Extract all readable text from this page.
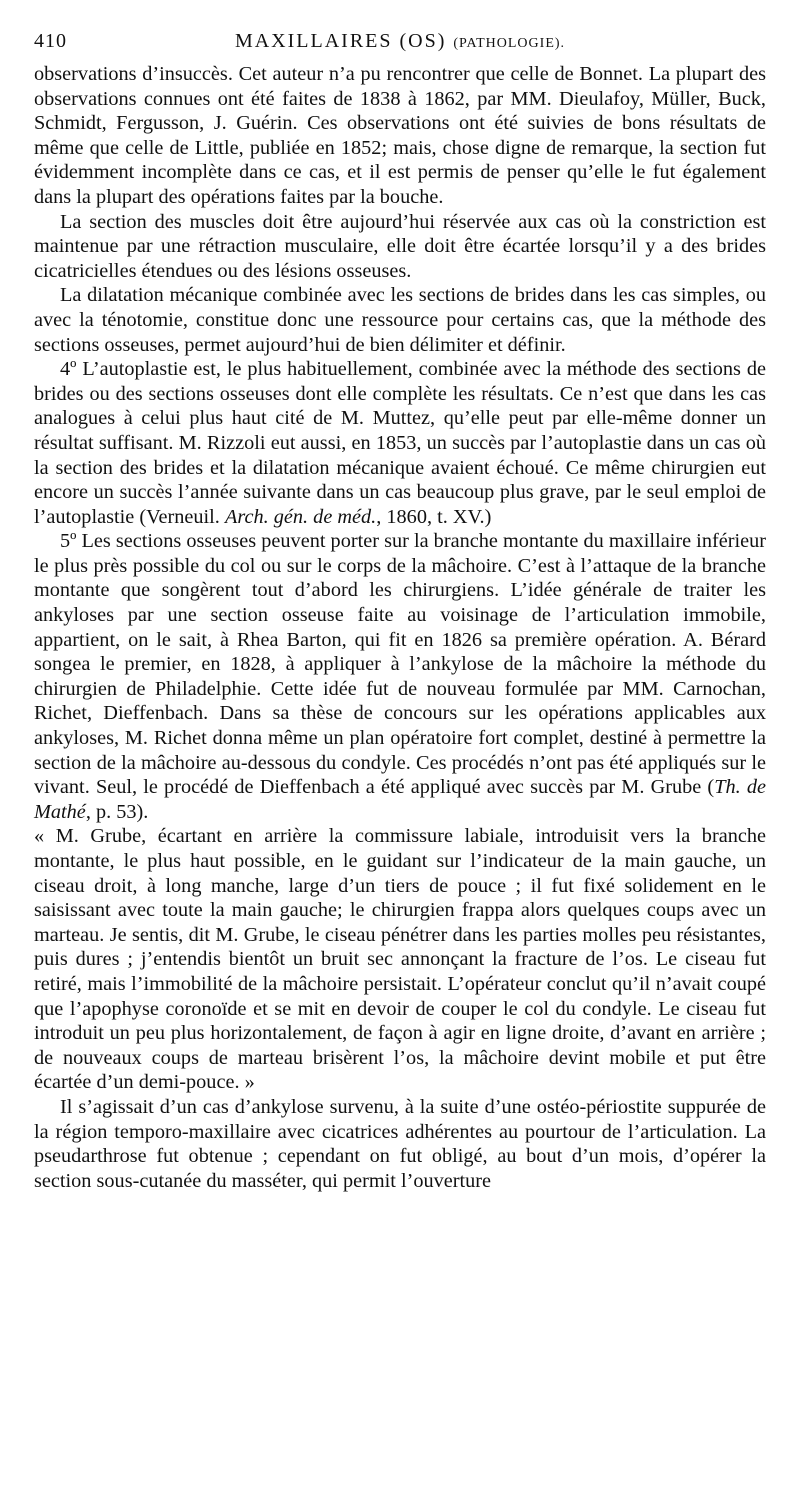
410	MAXILLAIRES (OS) (PATHOLOGIE).

observations d’insuccès. Cet auteur n’a pu rencontrer que celle de Bonnet. La plupart des observations connues ont été faites de 1838 à 1862, par MM. Dieulafoy, Müller, Buck, Schmidt, Fergusson, J. Guérin. Ces observations ont été suivies de bons résultats de même que celle de Little, publiée en 1852; mais, chose digne de remarque, la section fut évidemment incomplète dans ce cas, et il est permis de penser qu’elle le fut également dans la plupart des opérations faites par la bouche.

La section des muscles doit être aujourd’hui réservée aux cas où la constriction est maintenue par une rétraction musculaire, elle doit être écartée lorsqu’il y a des brides cicatricielles étendues ou des lésions osseuses.

La dilatation mécanique combinée avec les sections de brides dans les cas simples, ou avec la ténotomie, constitue donc une ressource pour certains cas, que la méthode des sections osseuses, permet aujourd’hui de bien délimiter et définir.

4º L’autoplastie est, le plus habituellement, combinée avec la méthode des sections de brides ou des sections osseuses dont elle complète les résultats. Ce n’est que dans les cas analogues à celui plus haut cité de M. Muttez, qu’elle peut par elle-même donner un résultat suffisant. M. Rizzoli eut aussi, en 1853, un succès par l’autoplastie dans un cas où la section des brides et la dilatation mécanique avaient échoué. Ce même chirurgien eut encore un succès l’année suivante dans un cas beaucoup plus grave, par le seul emploi de l’autoplastie (Verneuil. Arch. gén. de méd., 1860, t. XV.)

5º Les sections osseuses peuvent porter sur la branche montante du maxillaire inférieur le plus près possible du col ou sur le corps de la mâchoire. C’est à l’attaque de la branche montante que songèrent tout d’abord les chirurgiens. L’idée générale de traiter les ankyloses par une section osseuse faite au voisinage de l’articulation immobile, appartient, on le sait, à Rhea Barton, qui fit en 1826 sa première opération. A. Bérard songea le premier, en 1828, à appliquer à l’ankylose de la mâchoire la méthode du chirurgien de Philadelphie. Cette idée fut de nouveau formulée par MM. Carnochan, Richet, Dieffenbach. Dans sa thèse de concours sur les opérations applicables aux ankyloses, M. Richet donna même un plan opératoire fort complet, destiné à permettre la section de la mâchoire au-dessous du condyle. Ces procédés n’ont pas été appliqués sur le vivant. Seul, le procédé de Dieffenbach a été appliqué avec succès par M. Grube (Th. de Mathé, p. 53).

« M. Grube, écartant en arrière la commissure labiale, introduisit vers la branche montante, le plus haut possible, en le guidant sur l’indicateur de la main gauche, un ciseau droit, à long manche, large d’un tiers de pouce ; il fut fixé solidement en le saisissant avec toute la main gauche; le chirurgien frappa alors quelques coups avec un marteau. Je sentis, dit M. Grube, le ciseau pénétrer dans les parties molles peu résistantes, puis dures ; j’entendis bientôt un bruit sec annonçant la fracture de l’os. Le ciseau fut retiré, mais l’immobilité de la mâchoire persistait. L’opérateur conclut qu’il n’avait coupé que l’apophyse coronoïde et se mit en devoir de couper le col du condyle. Le ciseau fut introduit un peu plus horizontalement, de façon à agir en ligne droite, d’avant en arrière ; de nouveaux coups de marteau brisèrent l’os, la mâchoire devint mobile et put être écartée d’un demi-pouce. »

Il s’agissait d’un cas d’ankylose survenu, à la suite d’une ostéo-périostite suppurée de la région temporo-maxillaire avec cicatrices adhérentes au pourtour de l’articulation. La pseudarthrose fut obtenue ; cependant on fut obligé, au bout d’un mois, d’opérer la section sous-cutanée du masséter, qui permit l’ouverture
